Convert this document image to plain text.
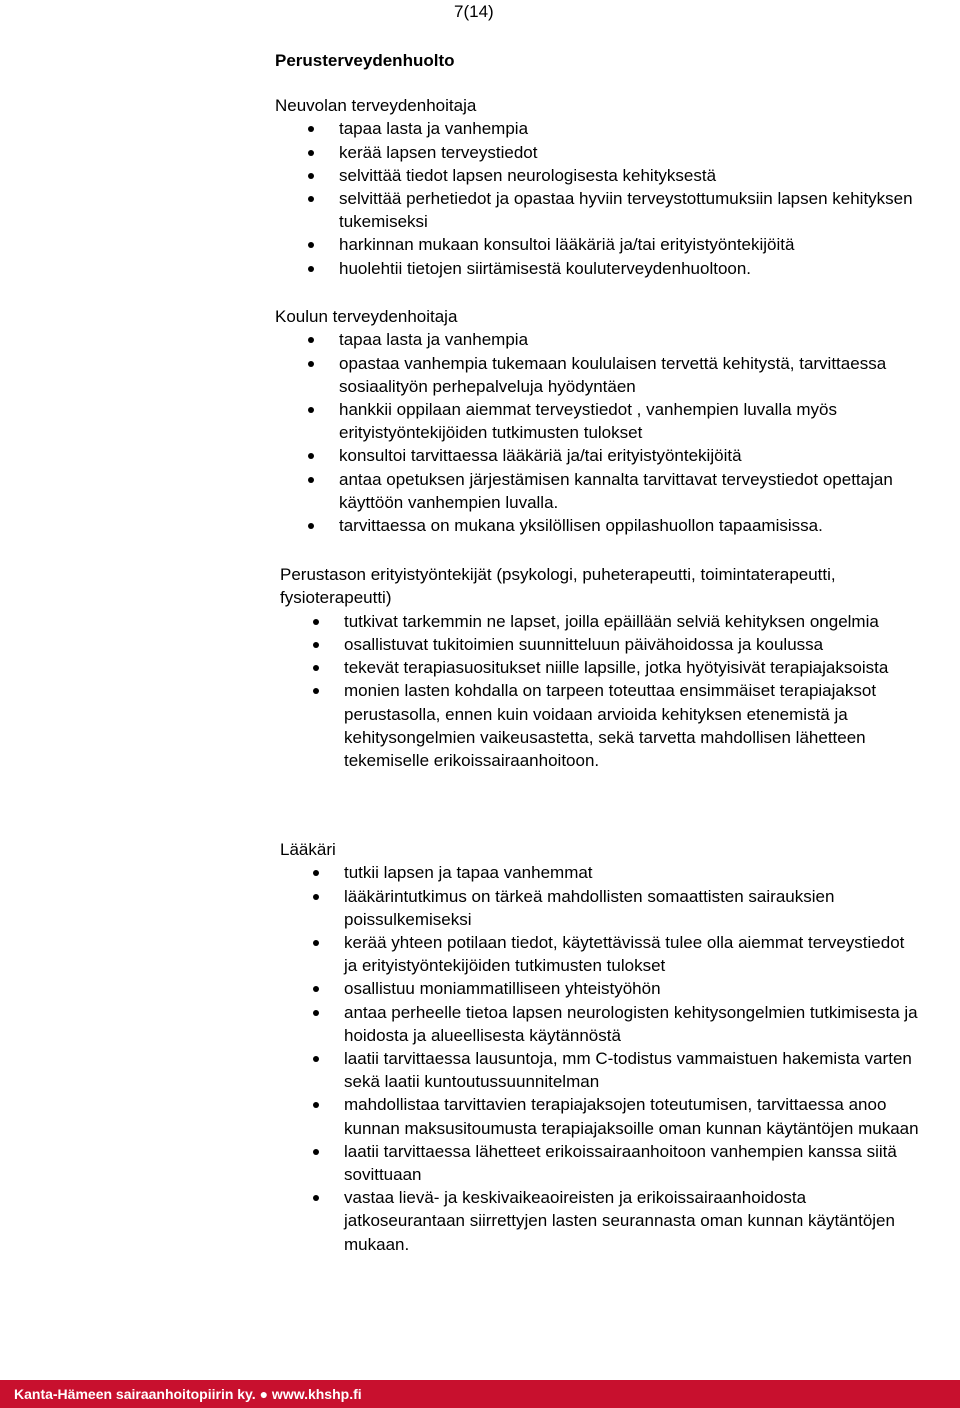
7(14)
Perusterveydenhuolto
Neuvolan terveydenhoitaja
tapaa lasta ja vanhempia
kerää lapsen terveystiedot
selvittää tiedot lapsen neurologisesta kehityksestä
selvittää perhetiedot ja opastaa hyviin terveystottumuksiin lapsen kehityksen tukemiseksi
harkinnan mukaan konsultoi lääkäriä ja/tai erityistyöntekijöitä
huolehtii tietojen siirtämisestä kouluterveydenhuoltoon.
Koulun terveydenhoitaja
tapaa lasta ja vanhempia
opastaa vanhempia tukemaan koululaisen tervettä kehitystä, tarvittaessa sosiaalityön perhepalveluja hyödyntäen
hankkii oppilaan aiemmat terveystiedot , vanhempien luvalla myös erityistyöntekijöiden tutkimusten tulokset
konsultoi tarvittaessa lääkäriä ja/tai erityistyöntekijöitä
antaa opetuksen järjestämisen kannalta tarvittavat terveystiedot opettajan käyttöön vanhempien luvalla.
tarvittaessa on mukana yksilöllisen oppilashuollon tapaamisissa.
Perustason erityistyöntekijät (psykologi, puheterapeutti, toimintaterapeutti, fysioterapeutti)
tutkivat tarkemmin ne lapset, joilla epäillään selviä kehityksen ongelmia
osallistuvat tukitoimien suunnitteluun päivähoidossa ja koulussa
tekevät terapiasuositukset niille lapsille, jotka hyötyisivät terapiajaksoista
monien lasten kohdalla on tarpeen toteuttaa ensimmäiset terapiajaksot perustasolla, ennen kuin voidaan arvioida kehityksen etenemistä ja kehitysongelmien vaikeusastetta, sekä tarvetta mahdollisen lähetteen tekemiselle erikoissairaanhoitoon.
Lääkäri
tutkii lapsen ja tapaa vanhemmat
lääkärintutkimus on tärkeä mahdollisten somaattisten sairauksien poissulkemiseksi
kerää yhteen potilaan tiedot, käytettävissä tulee olla aiemmat terveystiedot ja erityistyöntekijöiden tutkimusten tulokset
osallistuu moniammatilliseen yhteistyöhön
antaa perheelle tietoa lapsen neurologisten kehitysongelmien tutkimisesta ja hoidosta ja alueellisesta käytännöstä
laatii tarvittaessa lausuntoja, mm C-todistus vammaistuen hakemista varten sekä laatii kuntoutussuunnitelman
mahdollistaa tarvittavien terapiajaksojen toteutumisen, tarvittaessa anoo kunnan maksusitoumusta terapiajaksoille oman kunnan käytäntöjen mukaan
laatii tarvittaessa lähetteet erikoissairaanhoitoon vanhempien kanssa siitä sovittuaan
vastaa lievä- ja keskivaikeaoireisten ja erikoissairaanhoidosta jatkoseurantaan siirrettyjen lasten seurannasta oman kunnan käytäntöjen mukaan.
Kanta-Hämeen sairaanhoitopiirin ky. ● www.khshp.fi
